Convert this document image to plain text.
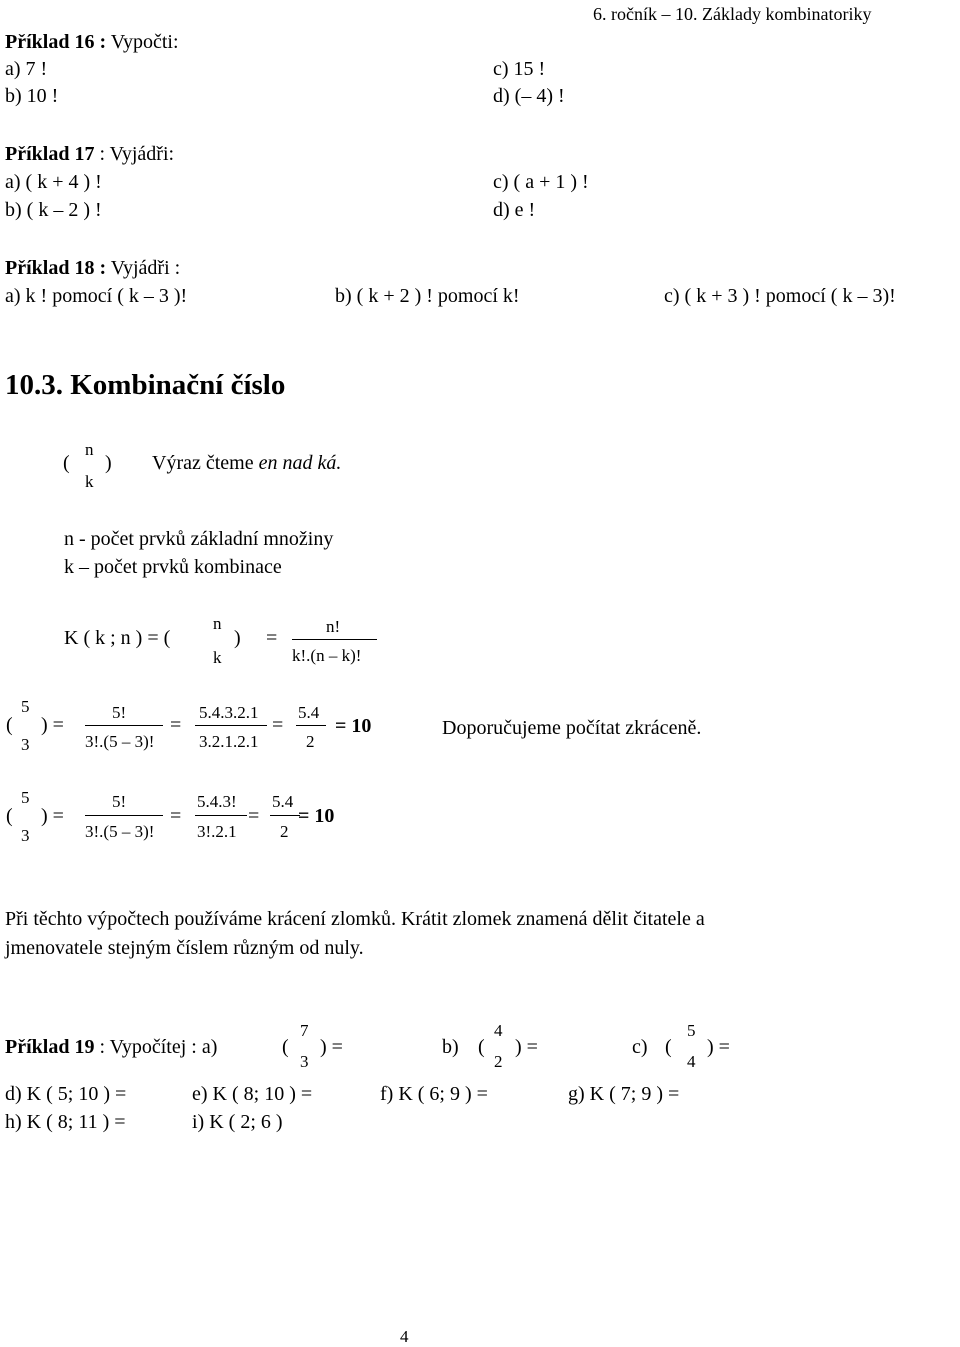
6. ročník – 10. Základy kombinatoriky
Příklad 16 : Vypočti:
a) 7 !
b) 10 !
c) 15 !
d) (– 4) !
Příklad 17 : Vyjádři:
a) ( k + 4 ) !
b) ( k – 2 ) !
c) ( a + 1 ) !
d) e !
Příklad 18 : Vyjádři :
a) k ! pomocí ( k – 3 )!	b) ( k + 2 ) ! pomocí k!	c) ( k + 3 ) ! pomocí ( k – 3)!
10.3. Kombinační číslo
(
n
k
) Výraz čteme en nad ká.
n - počet prvků základní množiny
k – počet prvků kombinace
K ( k ; n ) = (
n
k
) =
n!
k!.(n – k)!
(
5
3
) =
5!
3!.(5 – 3)!
=
5.4.3.2.1
3.2.1.2.1
=
5.4
2
= 10	Doporučujeme počítat zkráceně.
(
5
3
) =
5!
3!.(5 – 3)!
=
5.4.3!
3!.2.1
=
5.4
2
= 10
Při těchto výpočtech používáme krácení zlomků. Krátit zlomek znamená dělit čitatele a
jmenovatele stejným číslem různým od nuly.
Příklad 19 : Vypočítej : a)	(
7
3
) =	b) (
4
2
) =	c) (
5
4
) =
d) K ( 5; 10 ) =	e) K ( 8; 10 ) =	f) K ( 6; 9 ) =	g) K ( 7; 9 ) =
h) K ( 8; 11 ) =	i) K ( 2; 6 )
4
